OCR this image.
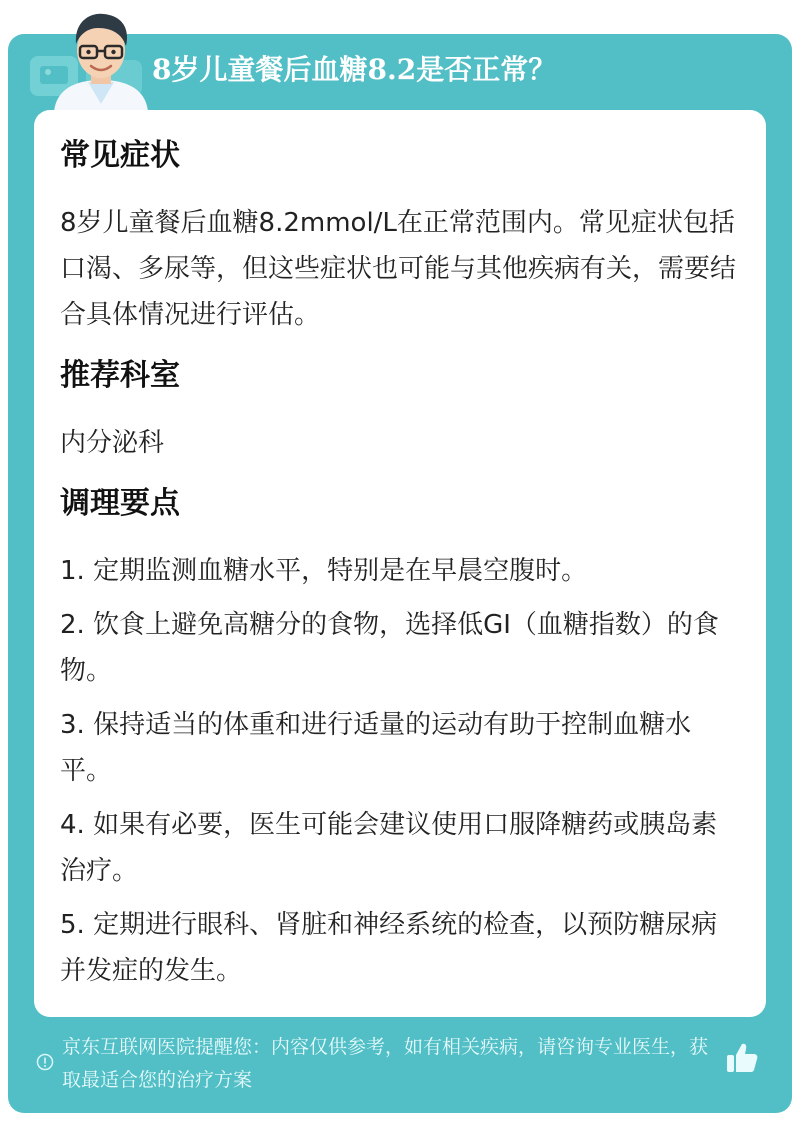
8岁儿童餐后血糖8.2是否正常？
常见症状
8岁儿童餐后血糖8.2mmol/L在正常范围内。常见症状包括口渴、多尿等，但这些症状也可能与其他疾病有关，需要结合具体情况进行评估。
推荐科室
内分泌科
调理要点
1. 定期监测血糖水平，特别是在早晨空腹时。
2. 饮食上避免高糖分的食物，选择低GI（血糖指数）的食物。
3. 保持适当的体重和进行适量的运动有助于控制血糖水平。
4. 如果有必要，医生可能会建议使用口服降糖药或胰岛素治疗。
5. 定期进行眼科、肾脏和神经系统的检查，以预防糖尿病并发症的发生。
京东互联网医院提醒您：内容仅供参考，如有相关疾病，请咨询专业医生，获取最适合您的治疗方案
